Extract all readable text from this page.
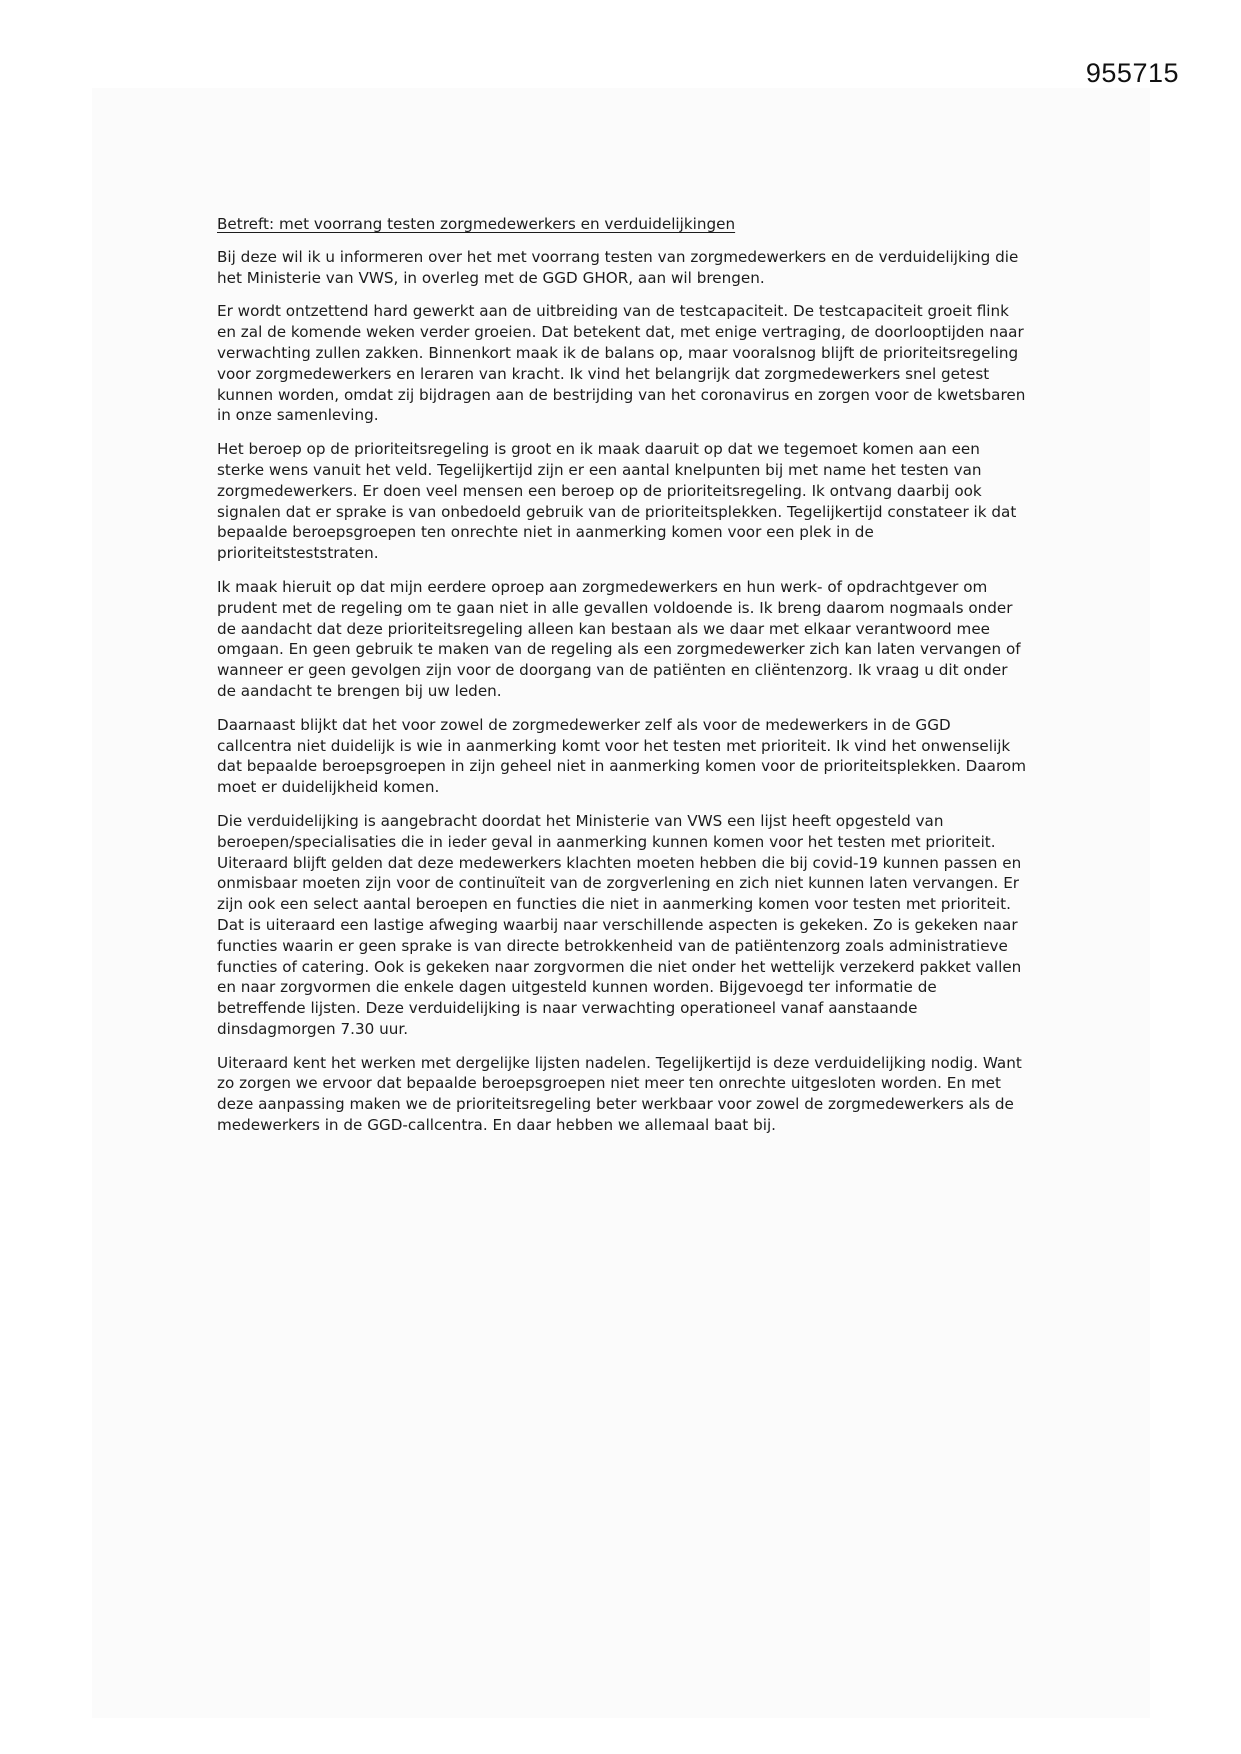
955715
Betreft: met voorrang testen zorgmedewerkers en verduidelijkingen

Bij deze wil ik u informeren over het met voorrang testen van zorgmedewerkers en de verduidelijking die het Ministerie van VWS, in overleg met de GGD GHOR, aan wil brengen.

Er wordt ontzettend hard gewerkt aan de uitbreiding van de testcapaciteit. De testcapaciteit groeit flink en zal de komende weken verder groeien. Dat betekent dat, met enige vertraging, de doorlooptijden naar verwachting zullen zakken. Binnenkort maak ik de balans op, maar vooralsnog blijft de prioriteitsregeling voor zorgmedewerkers en leraren van kracht. Ik vind het belangrijk dat zorgmedewerkers snel getest kunnen worden, omdat zij bijdragen aan de bestrijding van het coronavirus en zorgen voor de kwetsbaren in onze samenleving.

Het beroep op de prioriteitsregeling is groot en ik maak daaruit op dat we tegemoet komen aan een sterke wens vanuit het veld. Tegelijkertijd zijn er een aantal knelpunten bij met name het testen van zorgmedewerkers. Er doen veel mensen een beroep op de prioriteitsregeling. Ik ontvang daarbij ook signalen dat er sprake is van onbedoeld gebruik van de prioriteitsplekken. Tegelijkertijd constateer ik dat bepaalde beroepsgroepen ten onrechte niet in aanmerking komen voor een plek in de prioriteitsteststraten.

Ik maak hieruit op dat mijn eerdere oproep aan zorgmedewerkers en hun werk- of opdrachtgever om prudent met de regeling om te gaan niet in alle gevallen voldoende is. Ik breng daarom nogmaals onder de aandacht dat deze prioriteitsregeling alleen kan bestaan als we daar met elkaar verantwoord mee omgaan. En geen gebruik te maken van de regeling als een zorgmedewerker zich kan laten vervangen of wanneer er geen gevolgen zijn voor de doorgang van de patiënten en cliëntenzorg. Ik vraag u dit onder de aandacht te brengen bij uw leden.

Daarnaast blijkt dat het voor zowel de zorgmedewerker zelf als voor de medewerkers in de GGD callcentra niet duidelijk is wie in aanmerking komt voor het testen met prioriteit. Ik vind het onwenselijk dat bepaalde beroepsgroepen in zijn geheel niet in aanmerking komen voor de prioriteitsplekken. Daarom moet er duidelijkheid komen.

Die verduidelijking is aangebracht doordat het Ministerie van VWS een lijst heeft opgesteld van beroepen/specialisaties die in ieder geval in aanmerking kunnen komen voor het testen met prioriteit. Uiteraard blijft gelden dat deze medewerkers klachten moeten hebben die bij covid-19 kunnen passen en onmisbaar moeten zijn voor de continuïteit van de zorgverlening en zich niet kunnen laten vervangen. Er zijn ook een select aantal beroepen en functies die niet in aanmerking komen voor testen met prioriteit. Dat is uiteraard een lastige afweging waarbij naar verschillende aspecten is gekeken. Zo is gekeken naar functies waarin er geen sprake is van directe betrokkenheid van de patiëntenzorg zoals administratieve functies of catering. Ook is gekeken naar zorgvormen die niet onder het wettelijk verzekerd pakket vallen en naar zorgvormen die enkele dagen uitgesteld kunnen worden. Bijgevoegd ter informatie de betreffende lijsten. Deze verduidelijking is naar verwachting operationeel vanaf aanstaande dinsdagmorgen 7.30 uur.

Uiteraard kent het werken met dergelijke lijsten nadelen. Tegelijkertijd is deze verduidelijking nodig. Want zo zorgen we ervoor dat bepaalde beroepsgroepen niet meer ten onrechte uitgesloten worden. En met deze aanpassing maken we de prioriteitsregeling beter werkbaar voor zowel de zorgmedewerkers als de medewerkers in de GGD-callcentra. En daar hebben we allemaal baat bij.
